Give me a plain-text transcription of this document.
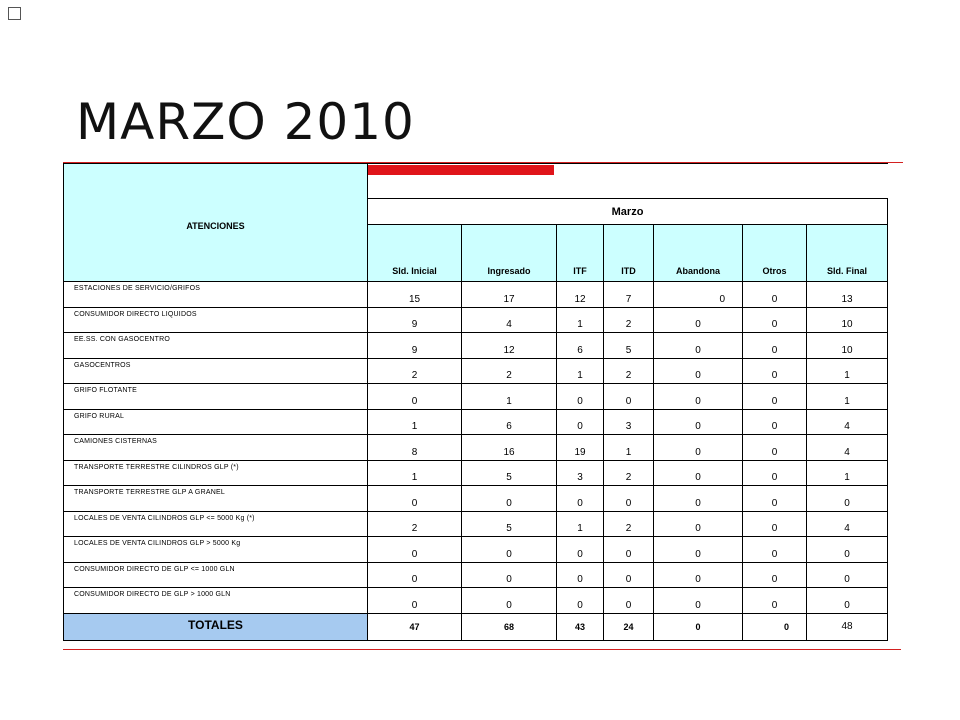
MARZO 2010
ATENCIONES							
	Marzo						
	Sld. Inicial	Ingresado	ITF	ITD	Abandona	Otros	Sld. Final
ESTACIONES DE SERVICIO/GRIFOS	15	17	12	7	0	0	13
CONSUMIDOR DIRECTO LIQUIDOS	9	4	1	2	0	0	10
EE.SS. CON GASOCENTRO	9	12	6	5	0	0	10
GASOCENTROS	2	2	1	2	0	0	1
GRIFO FLOTANTE	0	1	0	0	0	0	1
GRIFO RURAL	1	6	0	3	0	0	4
CAMIONES CISTERNAS	8	16	19	1	0	0	4
TRANSPORTE TERRESTRE CILINDROS GLP (*)	1	5	3	2	0	0	1
TRANSPORTE TERRESTRE GLP A GRANEL	0	0	0	0	0	0	0
LOCALES DE VENTA CILINDROS GLP <= 5000 Kg (*)	2	5	1	2	0	0	4
LOCALES DE VENTA CILINDROS GLP > 5000 Kg	0	0	0	0	0	0	0
CONSUMIDOR DIRECTO DE GLP <= 1000 GLN	0	0	0	0	0	0	0
CONSUMIDOR DIRECTO DE GLP > 1000 GLN	0	0	0	0	0	0	0
TOTALES	47	68	43	24	0	0	48
